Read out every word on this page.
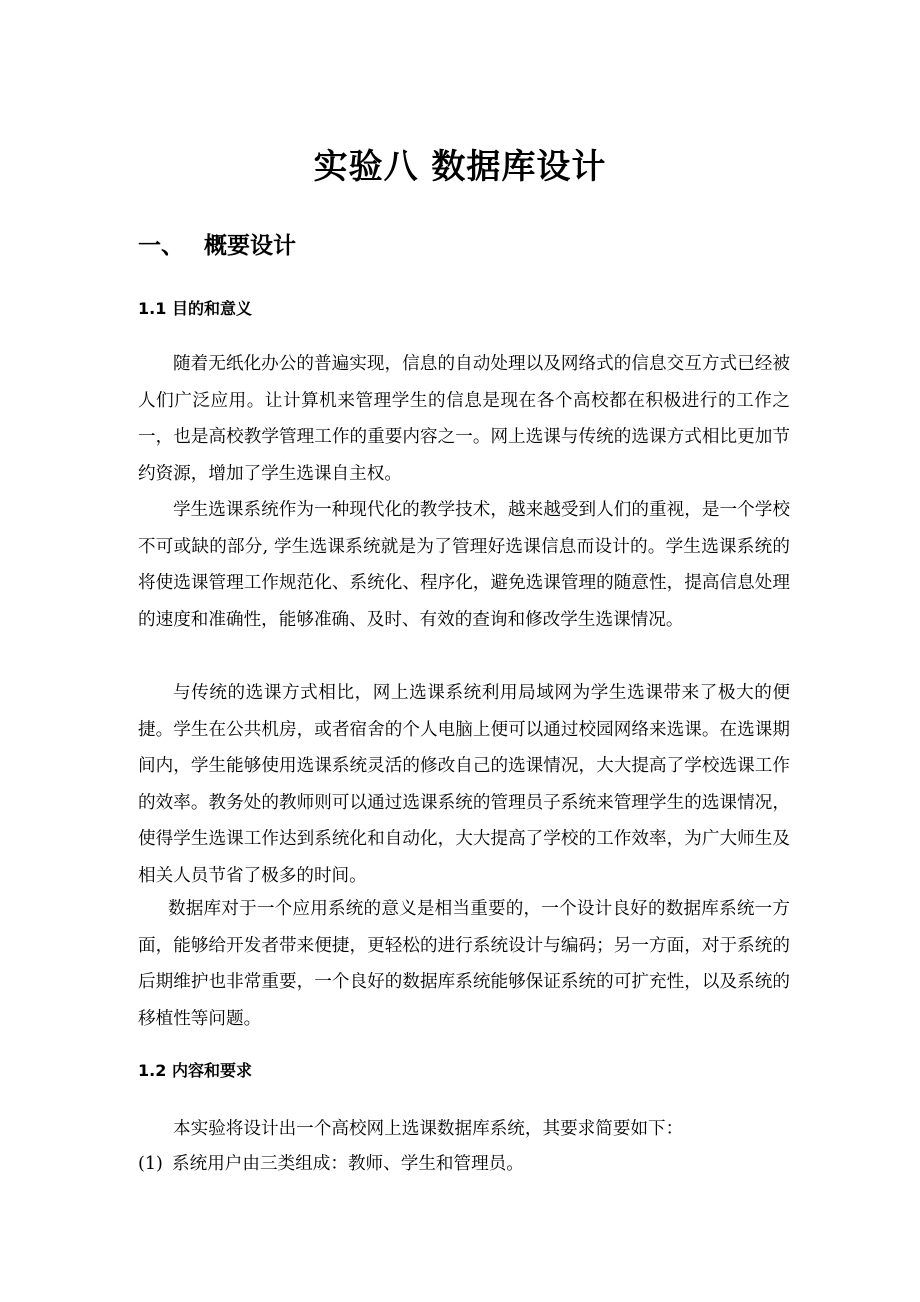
实验八 数据库设计
一、 概要设计
1.1 目的和意义

随着无纸化办公的普遍实现，信息的自动处理以及网络式的信息交互方式已经被人们广泛应用。让计算机来管理学生的信息是现在各个高校都在积极进行的工作之一，也是高校教学管理工作的重要内容之一。网上选课与传统的选课方式相比更加节约资源，增加了学生选课自主权。

学生选课系统作为一种现代化的教学技术，越来越受到人们的重视，是一个学校不可或缺的部分, 学生选课系统就是为了管理好选课信息而设计的。学生选课系统的将使选课管理工作规范化、系统化、程序化，避免选课管理的随意性，提高信息处理的速度和准确性，能够准确、及时、有效的查询和修改学生选课情况。

与传统的选课方式相比，网上选课系统利用局域网为学生选课带来了极大的便捷。学生在公共机房，或者宿舍的个人电脑上便可以通过校园网络来选课。在选课期间内，学生能够使用选课系统灵活的修改自己的选课情况，大大提高了学校选课工作的效率。教务处的教师则可以通过选课系统的管理员子系统来管理学生的选课情况，使得学生选课工作达到系统化和自动化，大大提高了学校的工作效率，为广大师生及相关人员节省了极多的时间。

数据库对于一个应用系统的意义是相当重要的，一个设计良好的数据库系统一方面，能够给开发者带来便捷，更轻松的进行系统设计与编码；另一方面，对于系统的后期维护也非常重要，一个良好的数据库系统能够保证系统的可扩充性，以及系统的移植性等问题。

1.2 内容和要求

本实验将设计出一个高校网上选课数据库系统，其要求简要如下：

(1) 系统用户由三类组成：教师、学生和管理员。
